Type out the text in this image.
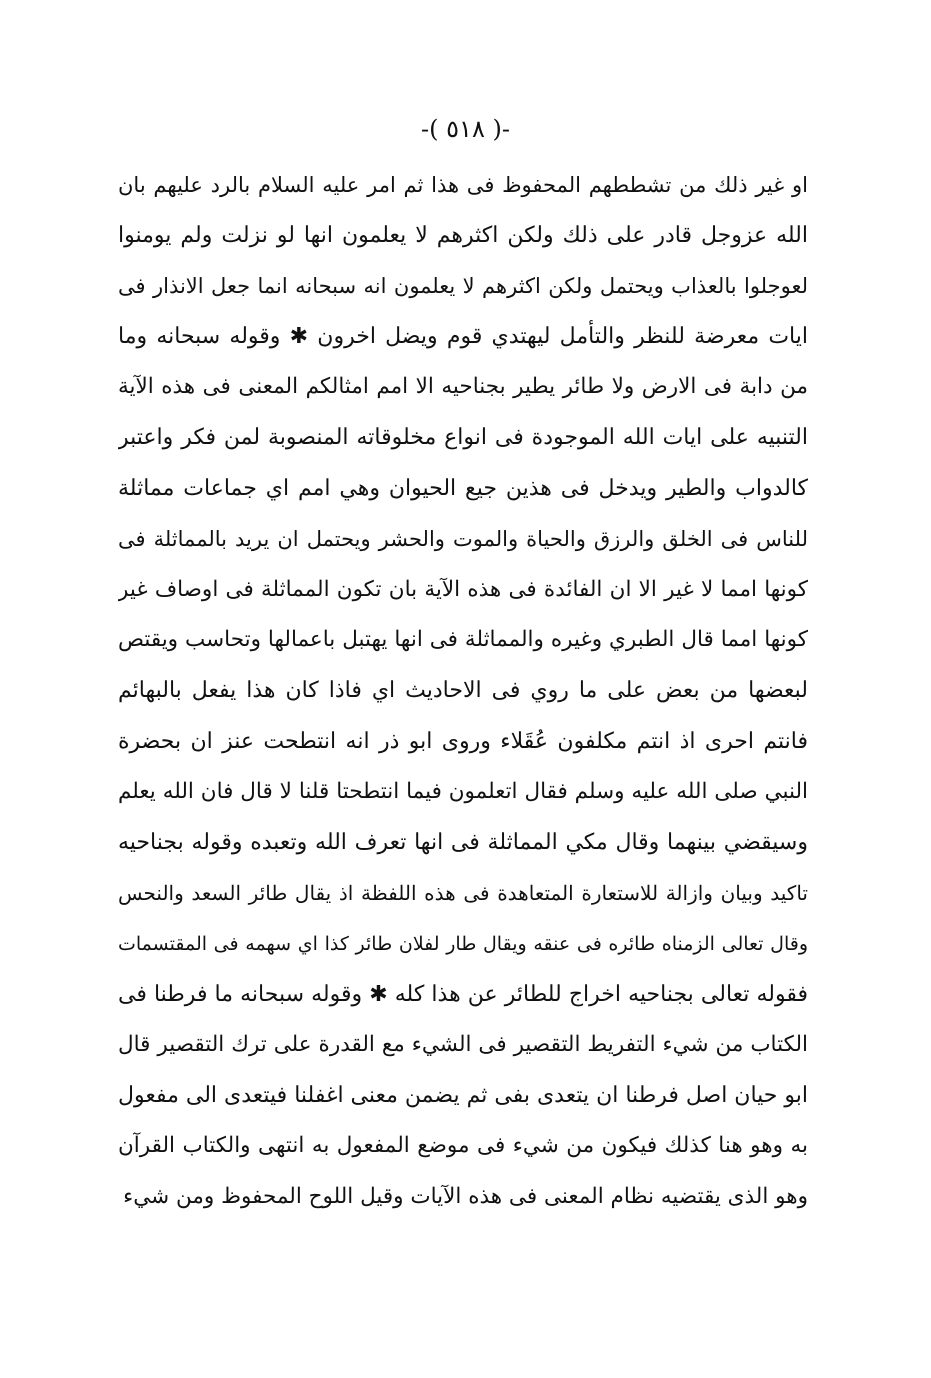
-( ٥١٨ )-
او غير ذلك من تشططهم المحفوظ فى هذا ثم امر عليه السلام بالرد عليهم بان
الله عزوجل قادر على ذلك ولكن اكثرهم لا يعلمون انها لو نزلت ولم يومنوا
لعوجلوا بالعذاب ويحتمل ولكن اكثرهم لا يعلمون انه سبحانه انما جعل الانذار فى
ايات معرضة للنظر والتأمل ليهتدي قوم ويضل اخرون ✱ وقوله سبحانه وما
من دابة فى الارض ولا طائر يطير بجناحيه الا امم امثالكم المعنى فى هذه الآية
التنبيه على ايات الله الموجودة فى انواع مخلوقاته المنصوبة لمن فكر واعتبر
كالدواب والطير ويدخل فى هذين جيع الحيوان وهي امم اي جماعات مماثلة
للناس فى الخلق والرزق والحياة والموت والحشر ويحتمل ان يريد بالمماثلة فى
كونها امما لا غير الا ان الفائدة فى هذه الآية بان تكون المماثلة فى اوصاف غير
كونها امما قال الطبري وغيره والمماثلة فى انها يهتبل باعمالها وتحاسب ويقتص
لبعضها من بعض على ما روي فى الاحاديث اي فاذا كان هذا يفعل بالبهائم
فانتم احرى اذ انتم مكلفون عُقَلاء وروى ابو ذر انه انتطحت عنز ان بحضرة
النبي صلى الله عليه وسلم فقال اتعلمون فيما انتطحتا قلنا لا قال فان الله يعلم
وسيقضي بينهما وقال مكي المماثلة فى انها تعرف الله وتعبده وقوله بجناحيه
تاكيد وبيان وازالة للاستعارة المتعاهدة فى هذه اللفظة اذ يقال طائر السعد والنحس
وقال تعالى الزمناه طائره فى عنقه ويقال طار لفلان طائر كذا اي سهمه فى المقتسمات
فقوله تعالى بجناحيه اخراج للطائر عن هذا كله ✱ وقوله سبحانه ما فرطنا فى
الكتاب من شيء التفريط التقصير فى الشيء مع القدرة على ترك التقصير قال
ابو حيان اصل فرطنا ان يتعدى بفى ثم يضمن معنى اغفلنا فيتعدى الى مفعول
به وهو هنا كذلك فيكون من شيء فى موضع المفعول به انتهى والكتاب القرآن
وهو الذى يقتضيه نظام المعنى فى هذه الآيات وقيل اللوح المحفوظ ومن شيء
